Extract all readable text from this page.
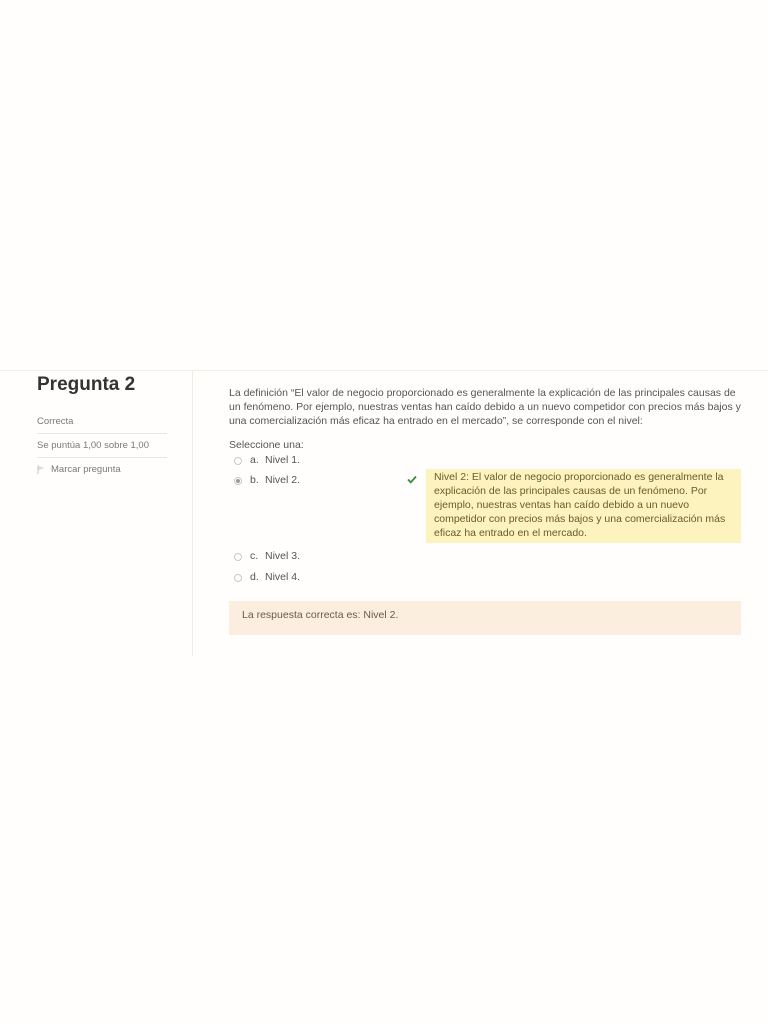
Pregunta 2
Correcta
Se puntúa 1,00 sobre 1,00
Marcar pregunta

La definición “El valor de negocio proporcionado es generalmente la explicación de las principales causas de un fenómeno. Por ejemplo, nuestras ventas han caído debido a un nuevo competidor con precios más bajos y una comercialización más eficaz ha entrado en el mercado”, se corresponde con el nivel:

Seleccione una:
a. Nivel 1.
b. Nivel 2.	Nivel 2: El valor de negocio proporcionado es generalmente la explicación de las principales causas de un fenómeno. Por ejemplo, nuestras ventas han caído debido a un nuevo competidor con precios más bajos y una comercialización más eficaz ha entrado en el mercado.
c. Nivel 3.
d. Nivel 4.
La respuesta correcta es: Nivel 2.
